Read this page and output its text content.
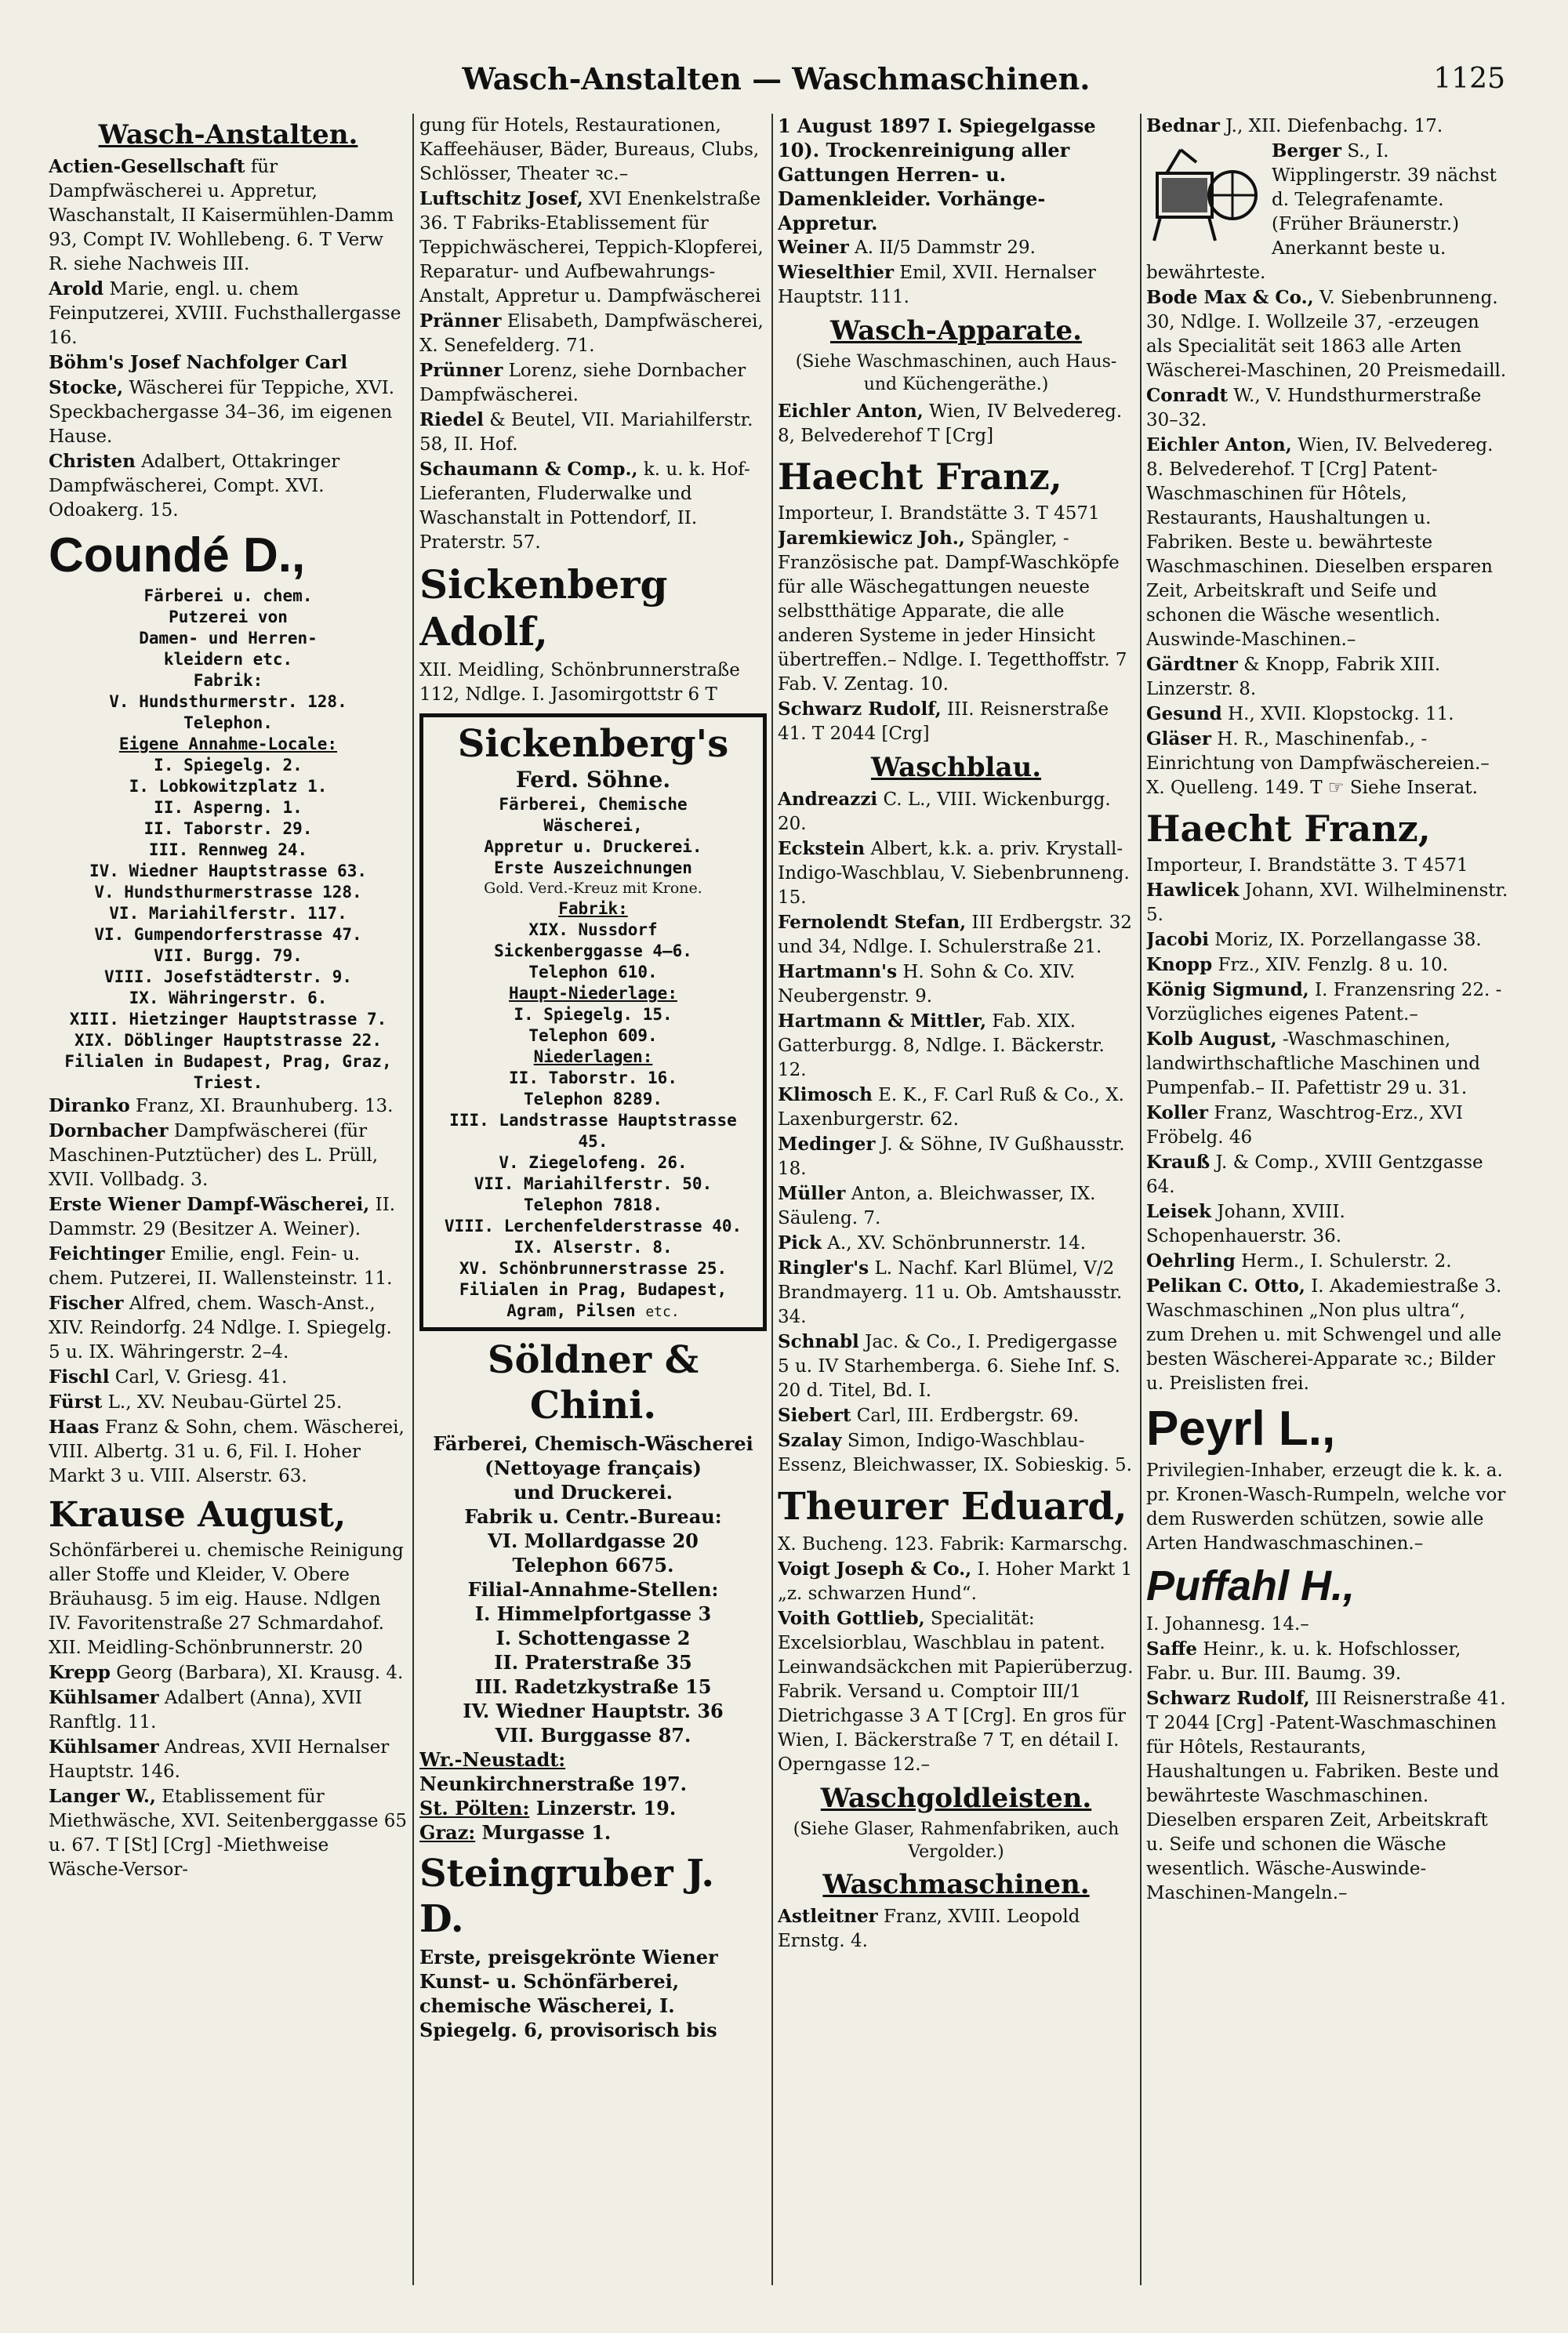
Wasch-Anstalten — Waschmaschinen.	1125
Wasch-Anstalten.

Actien-Gesellschaft für Dampfwäscherei u. Appretur, Waschanstalt, II Kaisermühlen-Damm 93, Compt IV. Wohllebeng. 6. T Verw R. siehe Nachweis III.

Arold Marie, engl. u. chem Feinputzerei, XVIII. Fuchsthallergasse 16.

Böhm's Josef Nachfolger Carl Stocke, Wäscherei für Teppiche, XVI. Speckbachergasse 34–36, im eigenen Hause.

Christen Adalbert, Ottakringer Dampfwäscherei, Compt. XVI. Odoakerg. 15.

Coundé D.,

Färberei u. chem.

Putzerei von

Damen- und Herren-

kleidern etc.

Fabrik:

V. Hundsthurmerstr. 128.

Telephon.

Eigene Annahme-Locale:

I. Spiegelg. 2.

I. Lobkowitzplatz 1.

II. Asperng. 1.

II. Taborstr. 29.

III. Rennweg 24.

IV. Wiedner Hauptstrasse 63.

V. Hundsthurmerstrasse 128.

VI. Mariahilferstr. 117.

VI. Gumpendorferstrasse 47.

VII. Burgg. 79.

VIII. Josefstädterstr. 9.

IX. Währingerstr. 6.

XIII. Hietzinger Hauptstrasse 7.

XIX. Döblinger Hauptstrasse 22.

Filialen in Budapest, Prag, Graz, Triest.

Diranko Franz, XI. Braunhuberg. 13.

Dornbacher Dampfwäscherei (für Maschinen-Putztücher) des L. Prüll, XVII. Vollbadg. 3.

Erste Wiener Dampf-Wäscherei, II. Dammstr. 29 (Besitzer A. Weiner).

Feichtinger Emilie, engl. Fein- u. chem. Putzerei, II. Wallensteinstr. 11.

Fischer Alfred, chem. Wasch-Anst., XIV. Reindorfg. 24 Ndlge. I. Spiegelg. 5 u. IX. Währingerstr. 2–4.

Fischl Carl, V. Griesg. 41.

Fürst L., XV. Neubau-Gürtel 25.

Haas Franz & Sohn, chem. Wäscherei, VIII. Albertg. 31 u. 6, Fil. I. Hoher Markt 3 u. VIII. Alserstr. 63.

Krause August,

Schönfärberei u. chemische Reinigung aller Stoffe und Kleider, V. Obere Bräuhausg. 5 im eig. Hause. Ndlgen IV. Favoritenstraße 27 Schmardahof. XII. Meidling-Schönbrunnerstr. 20

Krepp Georg (Barbara), XI. Krausg. 4.

Kühlsamer Adalbert (Anna), XVII Ranftlg. 11.

Kühlsamer Andreas, XVII Hernalser Hauptstr. 146.

Langer W., Etablissement für Miethwäsche, XVI. Seitenberggasse 65 u. 67. T [St] [Crg] -Miethweise Wäsche-Versor-

gung für Hotels, Restaurationen, Kaffeehäuser, Bäder, Bureaus, Clubs, Schlösser, Theater ꝛc.–

Luftschitz Josef, XVI Enenkelstraße 36. T Fabriks-Etablissement für Teppichwäscherei, Teppich-Klopferei, Reparatur- und Aufbewahrungs-Anstalt, Appretur u. Dampfwäscherei

Pränner Elisabeth, Dampfwäscherei, X. Senefelderg. 71.

Prünner Lorenz, siehe Dornbacher Dampfwäscherei.

Riedel & Beutel, VII. Mariahilferstr. 58, II. Hof.

Schaumann & Comp., k. u. k. Hof-Lieferanten, Fluderwalke und Waschanstalt in Pottendorf, II. Praterstr. 57.

Sickenberg Adolf,

XII. Meidling, Schönbrunnerstraße 112, Ndlge. I. Jasomirgottstr 6 T

Sickenberg's

Ferd. Söhne.

Färberei, Chemische

Wäscherei,

Appretur u. Druckerei.

Erste Auszeichnungen

Gold. Verd.-Kreuz mit Krone.

Fabrik:

XIX. Nussdorf

Sickenberggasse 4–6.

Telephon 610.

Haupt-Niederlage:

I. Spiegelg. 15.

Telephon 609.

Niederlagen:

II. Taborstr. 16.

Telephon 8289.

III. Landstrasse Hauptstrasse 45.

V. Ziegelofeng. 26.

VII. Mariahilferstr. 50.

Telephon 7818.

VIII. Lerchenfelderstrasse 40.

IX. Alserstr. 8.

XV. Schönbrunnerstrasse 25.

Filialen in Prag, Budapest, Agram, Pilsen etc.

Söldner & Chini.

Färberei, Chemisch-Wäscherei

(Nettoyage français)

und Druckerei.

Fabrik u. Centr.-Bureau:

VI. Mollardgasse 20

Telephon 6675.

Filial-Annahme-Stellen:

I. Himmelpfortgasse 3

I. Schottengasse 2

II. Praterstraße 35

III. Radetzkystraße 15

IV. Wiedner Hauptstr. 36

VII. Burggasse 87.

Wr.-Neustadt: Neunkirchnerstraße 197.

St. Pölten: Linzerstr. 19.

Graz: Murgasse 1.

Steingruber J. D.

Erste, preisgekrönte Wiener Kunst- u. Schönfärberei, chemische Wäscherei, I. Spiegelg. 6, provisorisch bis

1 August 1897 I. Spiegelgasse 10). Trockenreinigung aller Gattungen Herren- u. Damenkleider. Vorhänge-Appretur.

Weiner A. II/5 Dammstr 29.

Wieselthier Emil, XVII. Hernalser Hauptstr. 111.

Wasch-Apparate.

(Siehe Waschmaschinen, auch Haus- und Küchengeräthe.)

Eichler Anton, Wien, IV Belvedereg. 8, Belvederehof T [Crg]

Haecht Franz,

Importeur, I. Brandstätte 3. T 4571

Jaremkiewicz Joh., Spängler, -Französische pat. Dampf-Waschköpfe für alle Wäschegattungen neueste selbstthätige Apparate, die alle anderen Systeme in jeder Hinsicht übertreffen.– Ndlge. I. Tegetthoffstr. 7 Fab. V. Zentag. 10.

Schwarz Rudolf, III. Reisnerstraße 41. T 2044 [Crg]

Waschblau.

Andreazzi C. L., VIII. Wickenburgg. 20.

Eckstein Albert, k.k. a. priv. Krystall-Indigo-Waschblau, V. Siebenbrunneng. 15.

Fernolendt Stefan, III Erdbergstr. 32 und 34, Ndlge. I. Schulerstraße 21.

Hartmann's H. Sohn & Co. XIV. Neubergenstr. 9.

Hartmann & Mittler, Fab. XIX. Gatterburgg. 8, Ndlge. I. Bäckerstr. 12.

Klimosch E. K., F. Carl Ruß & Co., X. Laxenburgerstr. 62.

Medinger J. & Söhne, IV Gußhausstr. 18.

Müller Anton, a. Bleichwasser, IX. Säuleng. 7.

Pick A., XV. Schönbrunnerstr. 14.

Ringler's L. Nachf. Karl Blümel, V/2 Brandmayerg. 11 u. Ob. Amtshausstr. 34.

Schnabl Jac. & Co., I. Predigergasse 5 u. IV Starhemberga. 6. Siehe Inf. S. 20 d. Titel, Bd. I.

Siebert Carl, III. Erdbergstr. 69.

Szalay Simon, Indigo-Waschblau-Essenz, Bleichwasser, IX. Sobieskig. 5.

Theurer Eduard,

X. Bucheng. 123. Fabrik: Karmarschg.

Voigt Joseph & Co., I. Hoher Markt 1 „z. schwarzen Hund“.

Voith Gottlieb, Specialität: Excelsiorblau, Waschblau in patent. Leinwandsäckchen mit Papierüberzug. Fabrik. Versand u. Comptoir III/1 Dietrichgasse 3 A T [Crg]. En gros für Wien, I. Bäckerstraße 7 T, en détail I. Operngasse 12.–

Waschgoldleisten.

(Siehe Glaser, Rahmenfabriken, auch Vergolder.)

Waschmaschinen.

Astleitner Franz, XVIII. Leopold Ernstg. 4.

Bednar J., XII. Diefenbachg. 17.

Berger S., I. Wipplingerstr. 39 nächst d. Telegrafenamte. (Früher Bräunerstr.) Anerkannt beste u. bewährteste.

Bode Max & Co., V. Siebenbrunneng. 30, Ndlge. I. Wollzeile 37, -erzeugen als Specialität seit 1863 alle Arten Wäscherei-Maschinen, 20 Preismedaill.

Conradt W., V. Hundsthurmerstraße 30–32.

Eichler Anton, Wien, IV. Belvedereg. 8. Belvederehof. T [Crg] Patent-Waschmaschinen für Hôtels, Restaurants, Haushaltungen u. Fabriken. Beste u. bewährteste Waschmaschinen. Dieselben ersparen Zeit, Arbeitskraft und Seife und schonen die Wäsche wesentlich. Auswinde-Maschinen.–

Gärdtner & Knopp, Fabrik XIII. Linzerstr. 8.

Gesund H., XVII. Klopstockg. 11.

Gläser H. R., Maschinenfab., -Einrichtung von Dampfwäschereien.– X. Quelleng. 149. T ☞ Siehe Inserat.

Haecht Franz,

Importeur, I. Brandstätte 3. T 4571

Hawlicek Johann, XVI. Wilhelminenstr. 5.

Jacobi Moriz, IX. Porzellangasse 38.

Knopp Frz., XIV. Fenzlg. 8 u. 10.

König Sigmund, I. Franzensring 22. -Vorzügliches eigenes Patent.–

Kolb August, -Waschmaschinen, landwirthschaftliche Maschinen und Pumpenfab.– II. Pafettistr 29 u. 31.

Koller Franz, Waschtrog-Erz., XVI Fröbelg. 46

Krauß J. & Comp., XVIII Gentzgasse 64.

Leisek Johann, XVIII. Schopenhauerstr. 36.

Oehrling Herm., I. Schulerstr. 2.

Pelikan C. Otto, I. Akademiestraße 3. Waschmaschinen „Non plus ultra“, zum Drehen u. mit Schwengel und alle besten Wäscherei-Apparate ꝛc.; Bilder u. Preislisten frei.

Peyrl L.,

Privilegien-Inhaber, erzeugt die k. k. a. pr. Kronen-Wasch-Rumpeln, welche vor dem Ruswerden schützen, sowie alle Arten Handwaschmaschinen.–

Puffahl H.,

I. Johannesg. 14.–

Saffe Heinr., k. u. k. Hofschlosser, Fabr. u. Bur. III. Baumg. 39.

Schwarz Rudolf, III Reisnerstraße 41. T 2044 [Crg] -Patent-Waschmaschinen für Hôtels, Restaurants, Haushaltungen u. Fabriken. Beste und bewährteste Waschmaschinen. Dieselben ersparen Zeit, Arbeitskraft u. Seife und schonen die Wäsche wesentlich. Wäsche-Auswinde-Maschinen-Mangeln.–
